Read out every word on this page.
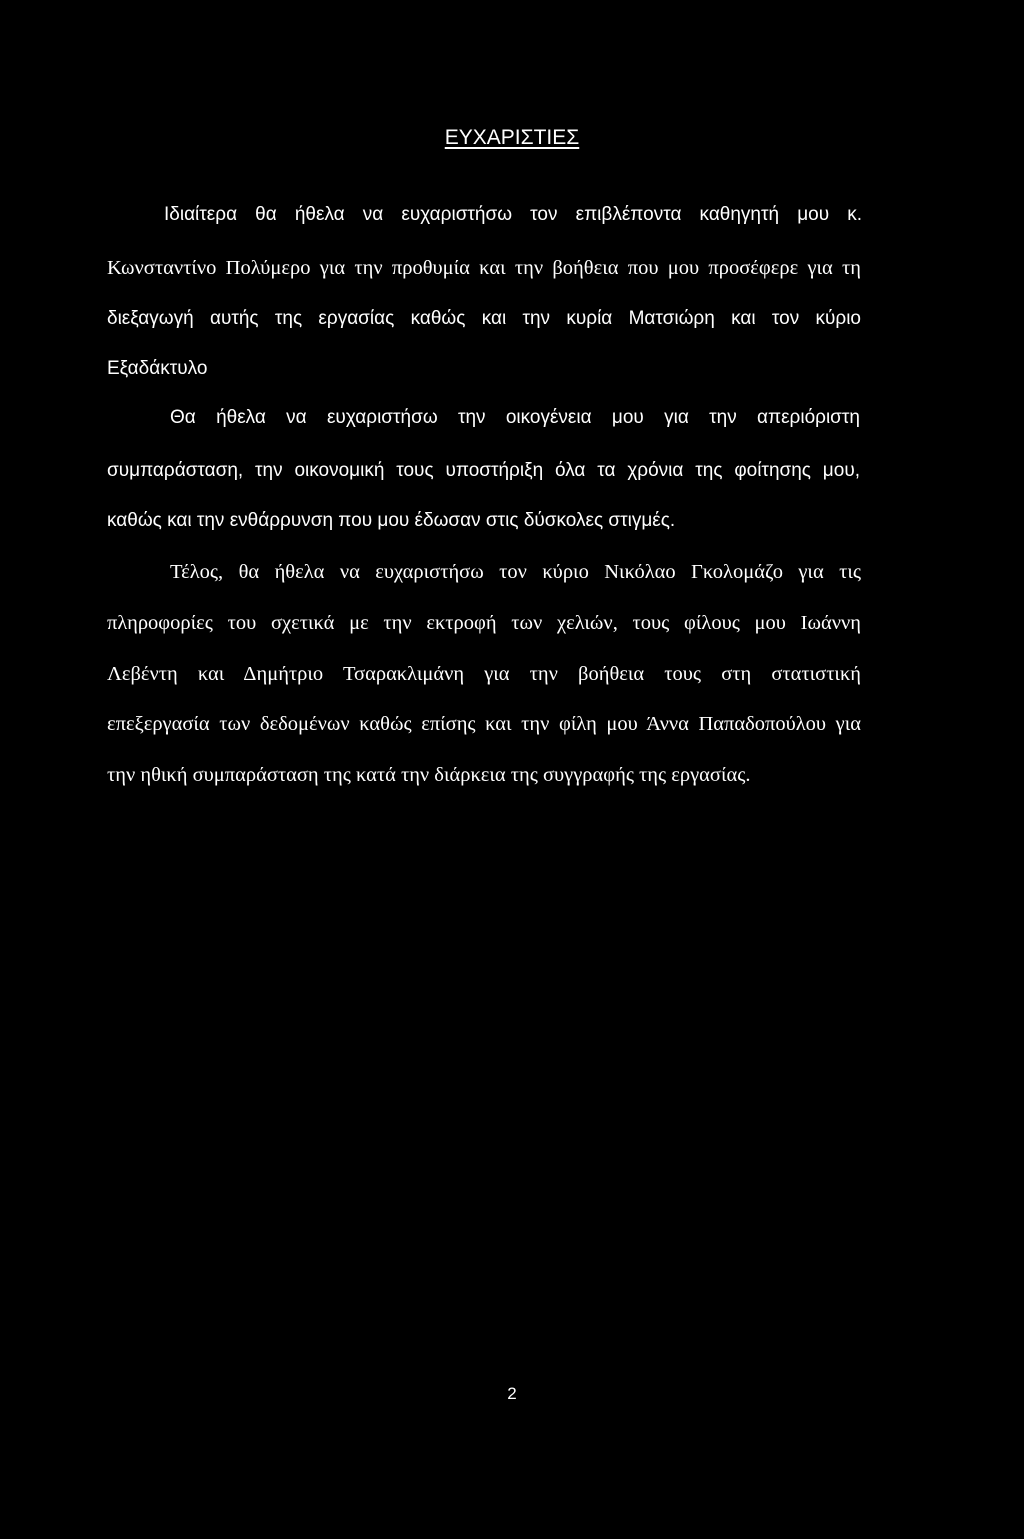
ΕΥΧΑΡΙΣΤΙΕΣ
Ιδιαίτερα θα ήθελα να ευχαριστήσω τον επιβλέποντα καθηγητή μου κ.
Κωνσταντίνο Πολύμερο για την προθυμία και την βοήθεια που μου προσέφερε για τη
διεξαγωγή αυτής της εργασίας καθώς και την κυρία Ματσιώρη και τον κύριο
Εξαδάκτυλο
Θα ήθελα να ευχαριστήσω την οικογένεια μου για την απεριόριστη
συμπαράσταση, την οικονομική τους υποστήριξη όλα τα χρόνια της φοίτησης μου,
καθώς και την ενθάρρυνση που μου έδωσαν στις δύσκολες στιγμές.
Τέλος, θα ήθελα να ευχαριστήσω τον κύριο Νικόλαο Γκολομάζο για τις
πληροφορίες του σχετικά με την εκτροφή των χελιών, τους φίλους μου Ιωάννη
Λεβέντη και Δημήτριο Τσαρακλιμάνη για την βοήθεια τους στη στατιστική
επεξεργασία των δεδομένων καθώς επίσης και την φίλη μου Άννα Παπαδοπούλου για
την ηθική συμπαράσταση της κατά την διάρκεια της συγγραφής της εργασίας.
2
